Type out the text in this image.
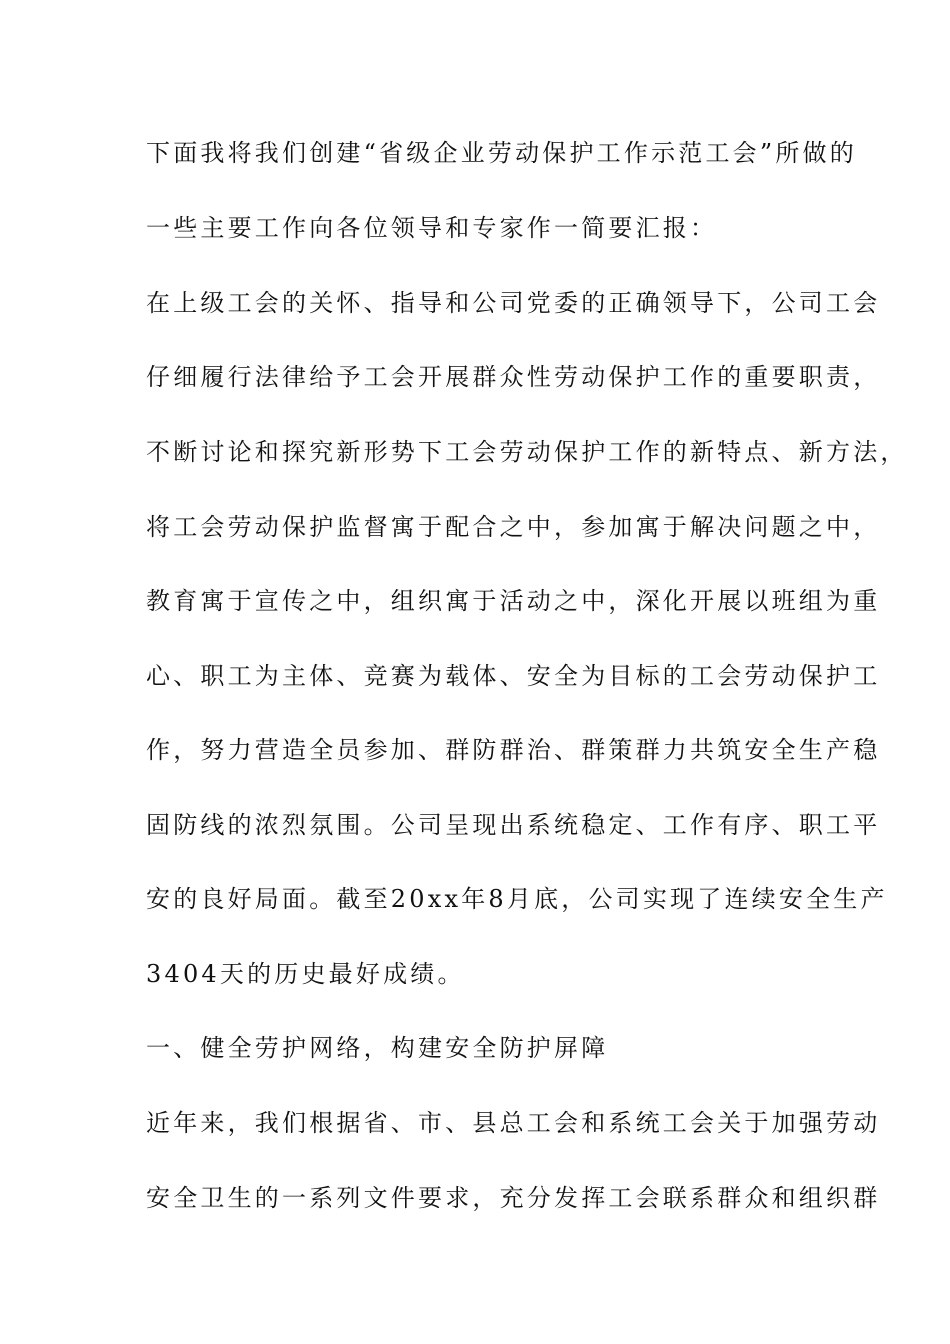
下面我将我们创建“省级企业劳动保护工作示范工会”所做的
一些主要工作向各位领导和专家作一简要汇报：
在上级工会的关怀、指导和公司党委的正确领导下，公司工会
仔细履行法律给予工会开展群众性劳动保护工作的重要职责，
不断讨论和探究新形势下工会劳动保护工作的新特点、新方法，
将工会劳动保护监督寓于配合之中，参加寓于解决问题之中，
教育寓于宣传之中，组织寓于活动之中，深化开展以班组为重
心、职工为主体、竞赛为载体、安全为目标的工会劳动保护工
作，努力营造全员参加、群防群治、群策群力共筑安全生产稳
固防线的浓烈氛围。公司呈现出系统稳定、工作有序、职工平
安的良好局面。截至20xx年8月底，公司实现了连续安全生产
3404天的历史最好成绩。
一、健全劳护网络，构建安全防护屏障
近年来，我们根据省、市、县总工会和系统工会关于加强劳动
安全卫生的一系列文件要求，充分发挥工会联系群众和组织群
